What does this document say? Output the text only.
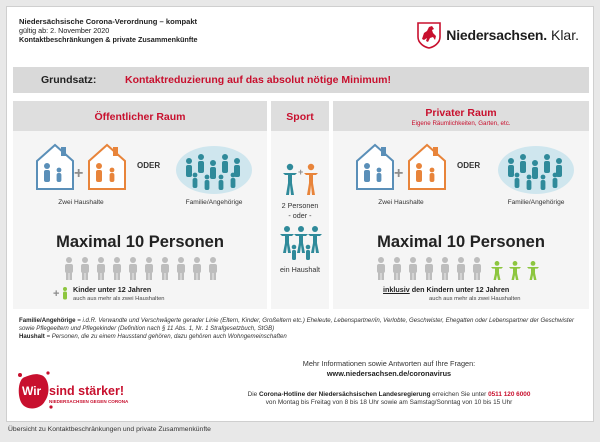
Niedersächsische Corona-Verordnung – kompakt
gültig ab: 2. November 2020
Kontaktbeschränkungen & private Zusammenkünfte	Niedersachsen. Klar.
Grundsatz:	Kontaktreduzierung auf das absolut nötige Minimum!
Öffentlicher Raum
+
Zwei Haushalte
ODER
Familie/Angehörige
Maximal 10 Personen
+ Kinder unter 12 Jahren
auch aus mehr als zwei Haushalten
Sport
+
2 Personen
- oder -
ein Haushalt
Privater Raum
Eigene Räumlichkeiten, Garten, etc.
+
Zwei Haushalte
ODER
Familie/Angehörige
Maximal 10 Personen
inklusiv den Kindern unter 12 Jahren
auch aus mehr als zwei Haushalten
Familie/Angehörige = i.d.R. Verwandte und Verschwägerte gerader Linie (Eltern, Kinder, Großeltern etc.) Eheleute, Lebenspartner/in, Verlobte, Geschwister, Ehegatten oder Lebenspartner der Geschwister sowie Pflegeeltern und Pflegekinder (Definition nach § 11 Abs. 1, Nr. 1 Strafgesetzbuch, StGB)
Haushalt = Personen, die zu einem Hausstand gehören, dazu gehören auch Wohngemeinschaften
Wir sind stärker!
NIEDERSACHSEN GEGEN CORONA
Mehr Informationen sowie Antworten auf Ihre Fragen:
www.niedersachsen.de/coronavirus
Die Corona-Hotline der Niedersächsischen Landesregierung erreichen Sie unter 0511 120 6000
von Montag bis Freitag von 8 bis 18 Uhr sowie am Samstag/Sonntag von 10 bis 15 Uhr
Übersicht zu Kontaktbeschränkungen und private Zusammenkünfte
